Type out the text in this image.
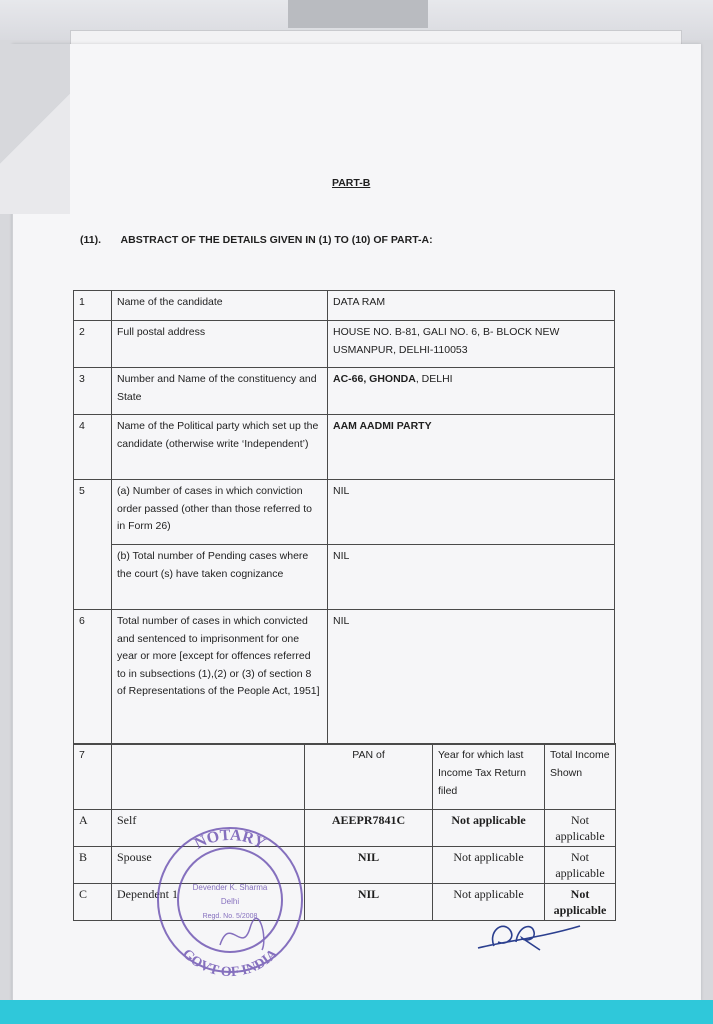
PART-B
(11). ABSTRACT OF THE DETAILS GIVEN IN (1) TO (10) OF PART-A:
1	Name of the candidate	DATA RAM
2	Full postal address	HOUSE NO. B-81, GALI NO. 6, B- BLOCK NEW USMANPUR, DELHI-110053
3	Number and Name of the constituency and State	AC-66, GHONDA, DELHI
4	Name of the Political party which set up the candidate (otherwise write ‘Independent’)	AAM AADMI PARTY
5	(a) Number of cases in which conviction order passed (other than those referred to in Form 26)	NIL
	(b) Total number of Pending cases where the court (s) have taken cognizance	NIL
6	Total number of cases in which convicted and sentenced to imprisonment for one year or more [except for offences referred to in subsections (1),(2) or (3) of section 8 of Representations of the People Act, 1951]	NIL
7		PAN of	Year for which last Income Tax Return filed	Total Income Shown
A	Self	AEEPR7841C	Not applicable	Not applicable
B	Spouse	NIL	Not applicable	Not applicable
C	Dependent 1	NIL	Not applicable	Not applicable
NOTARY
GOVT OF INDIA
Devender K. Sharma
Delhi
Regd. No. 5/2008
